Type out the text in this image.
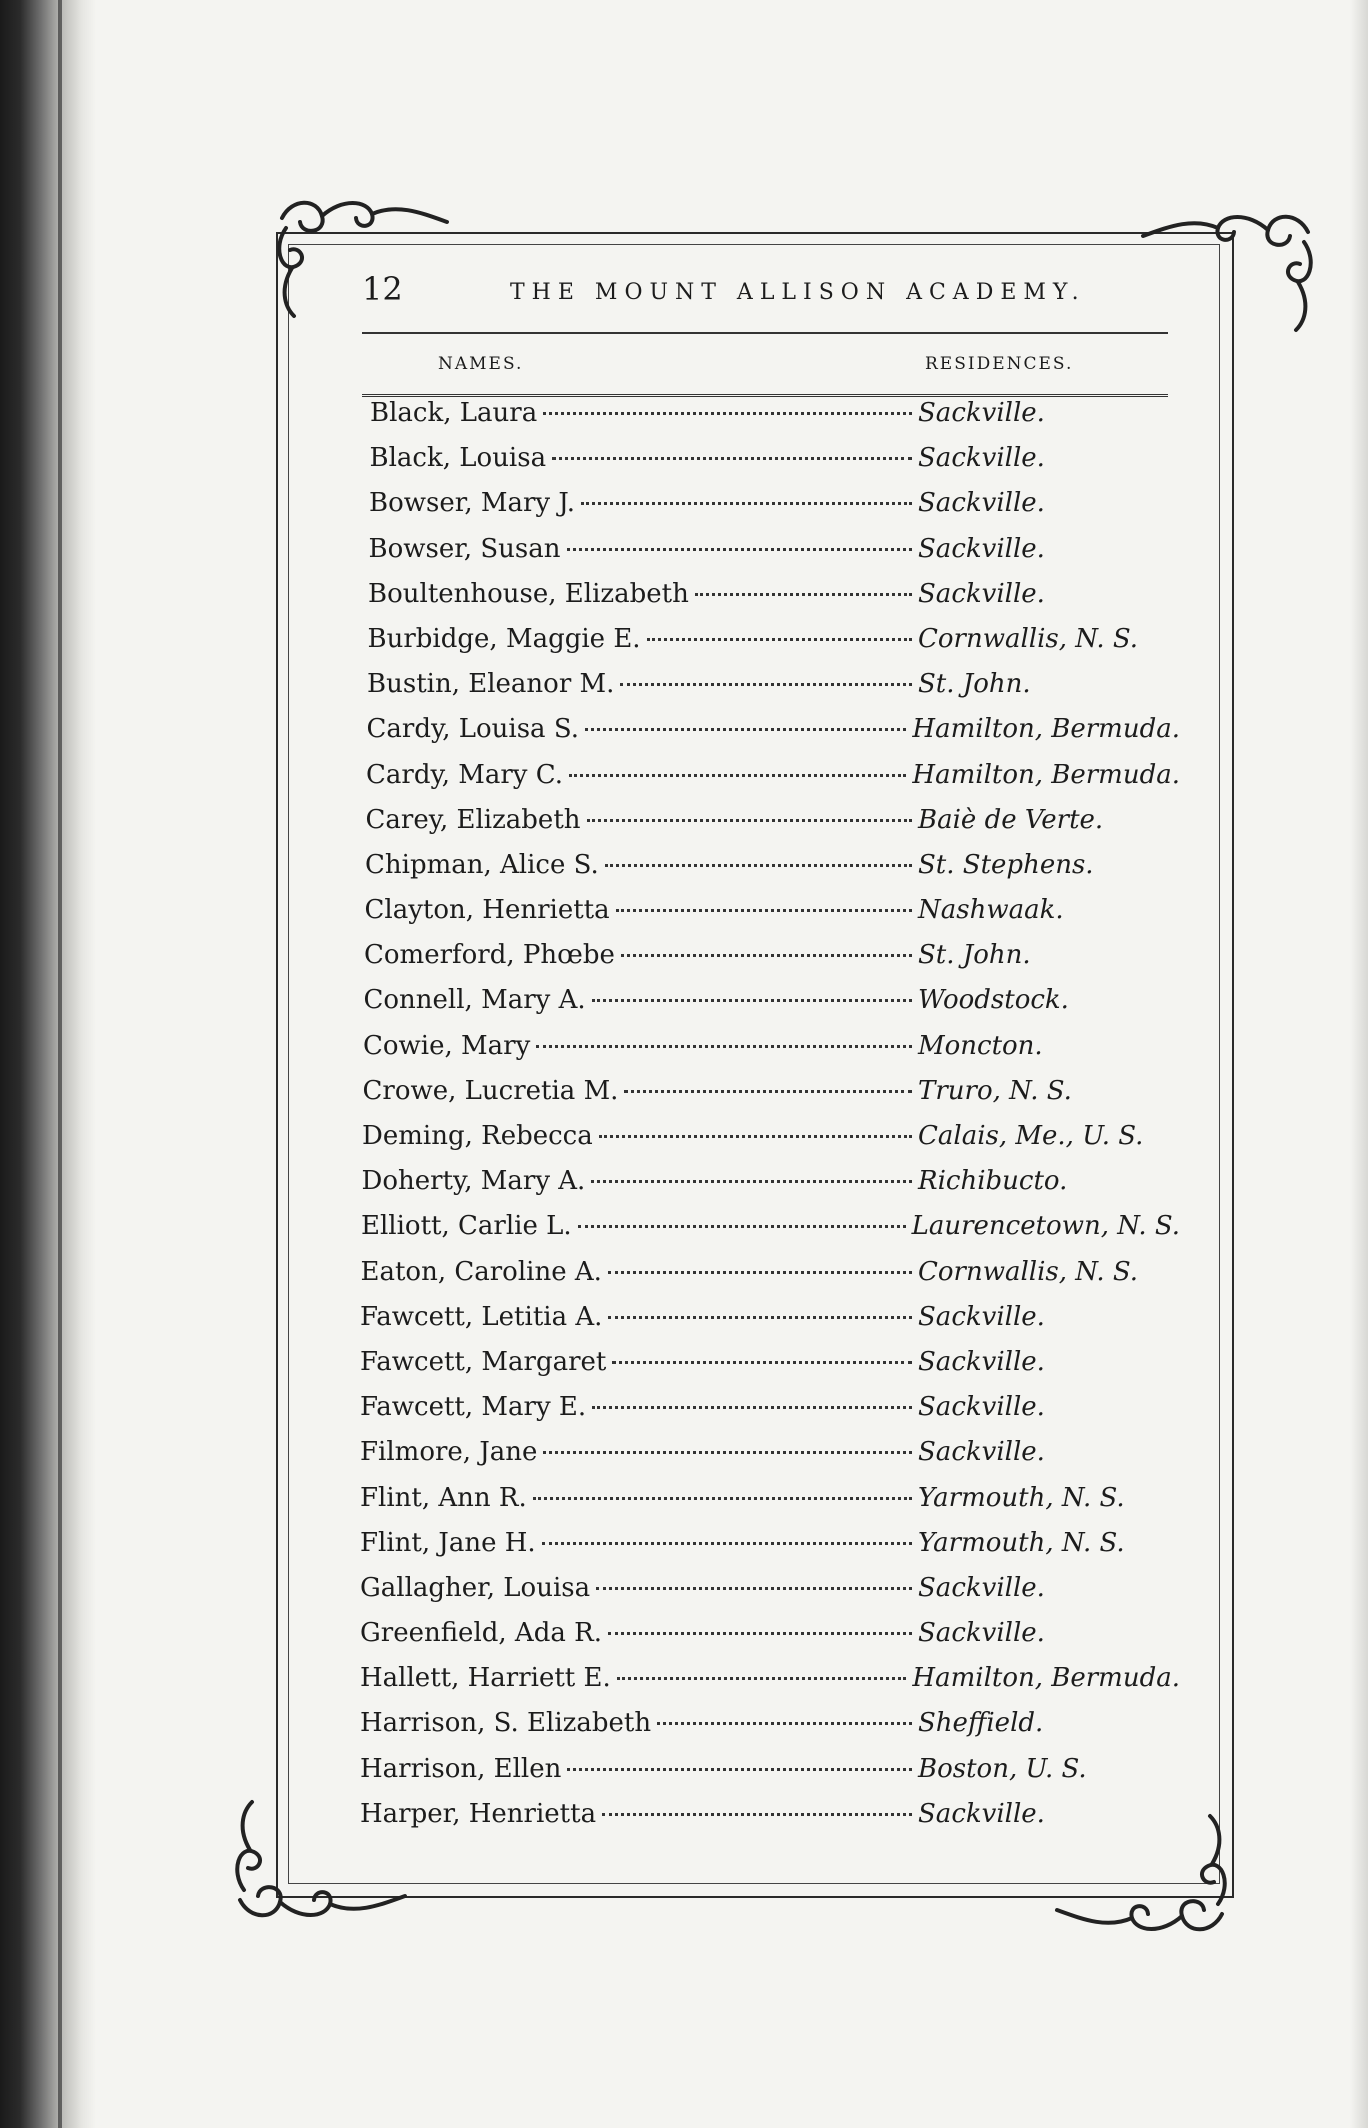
12	THE MOUNT ALLISON ACADEMY.
NAMES.	RESIDENCES.
Black, Laura	Sackville.
Black, Louisa	Sackville.
Bowser, Mary J.	Sackville.
Bowser, Susan	Sackville.
Boultenhouse, Elizabeth	Sackville.
Burbidge, Maggie E.	Cornwallis, N. S.
Bustin, Eleanor M.	St. John.
Cardy, Louisa S.	Hamilton, Bermuda.
Cardy, Mary C.	Hamilton, Bermuda.
Carey, Elizabeth	Baiè de Verte.
Chipman, Alice S.	St. Stephens.
Clayton, Henrietta	Nashwaak.
Comerford, Phœbe	St. John.
Connell, Mary A.	Woodstock.
Cowie, Mary	Moncton.
Crowe, Lucretia M.	Truro, N. S.
Deming, Rebecca	Calais, Me., U. S.
Doherty, Mary A.	Richibucto.
Elliott, Carlie L.	Laurencetown, N. S.
Eaton, Caroline A.	Cornwallis, N. S.
Fawcett, Letitia A.	Sackville.
Fawcett, Margaret	Sackville.
Fawcett, Mary E.	Sackville.
Filmore, Jane	Sackville.
Flint, Ann R.	Yarmouth, N. S.
Flint, Jane H.	Yarmouth, N. S.
Gallagher, Louisa	Sackville.
Greenfield, Ada R.	Sackville.
Hallett, Harriett E.	Hamilton, Bermuda.
Harrison, S. Elizabeth	Sheffield.
Harrison, Ellen	Boston, U. S.
Harper, Henrietta	Sackville.
